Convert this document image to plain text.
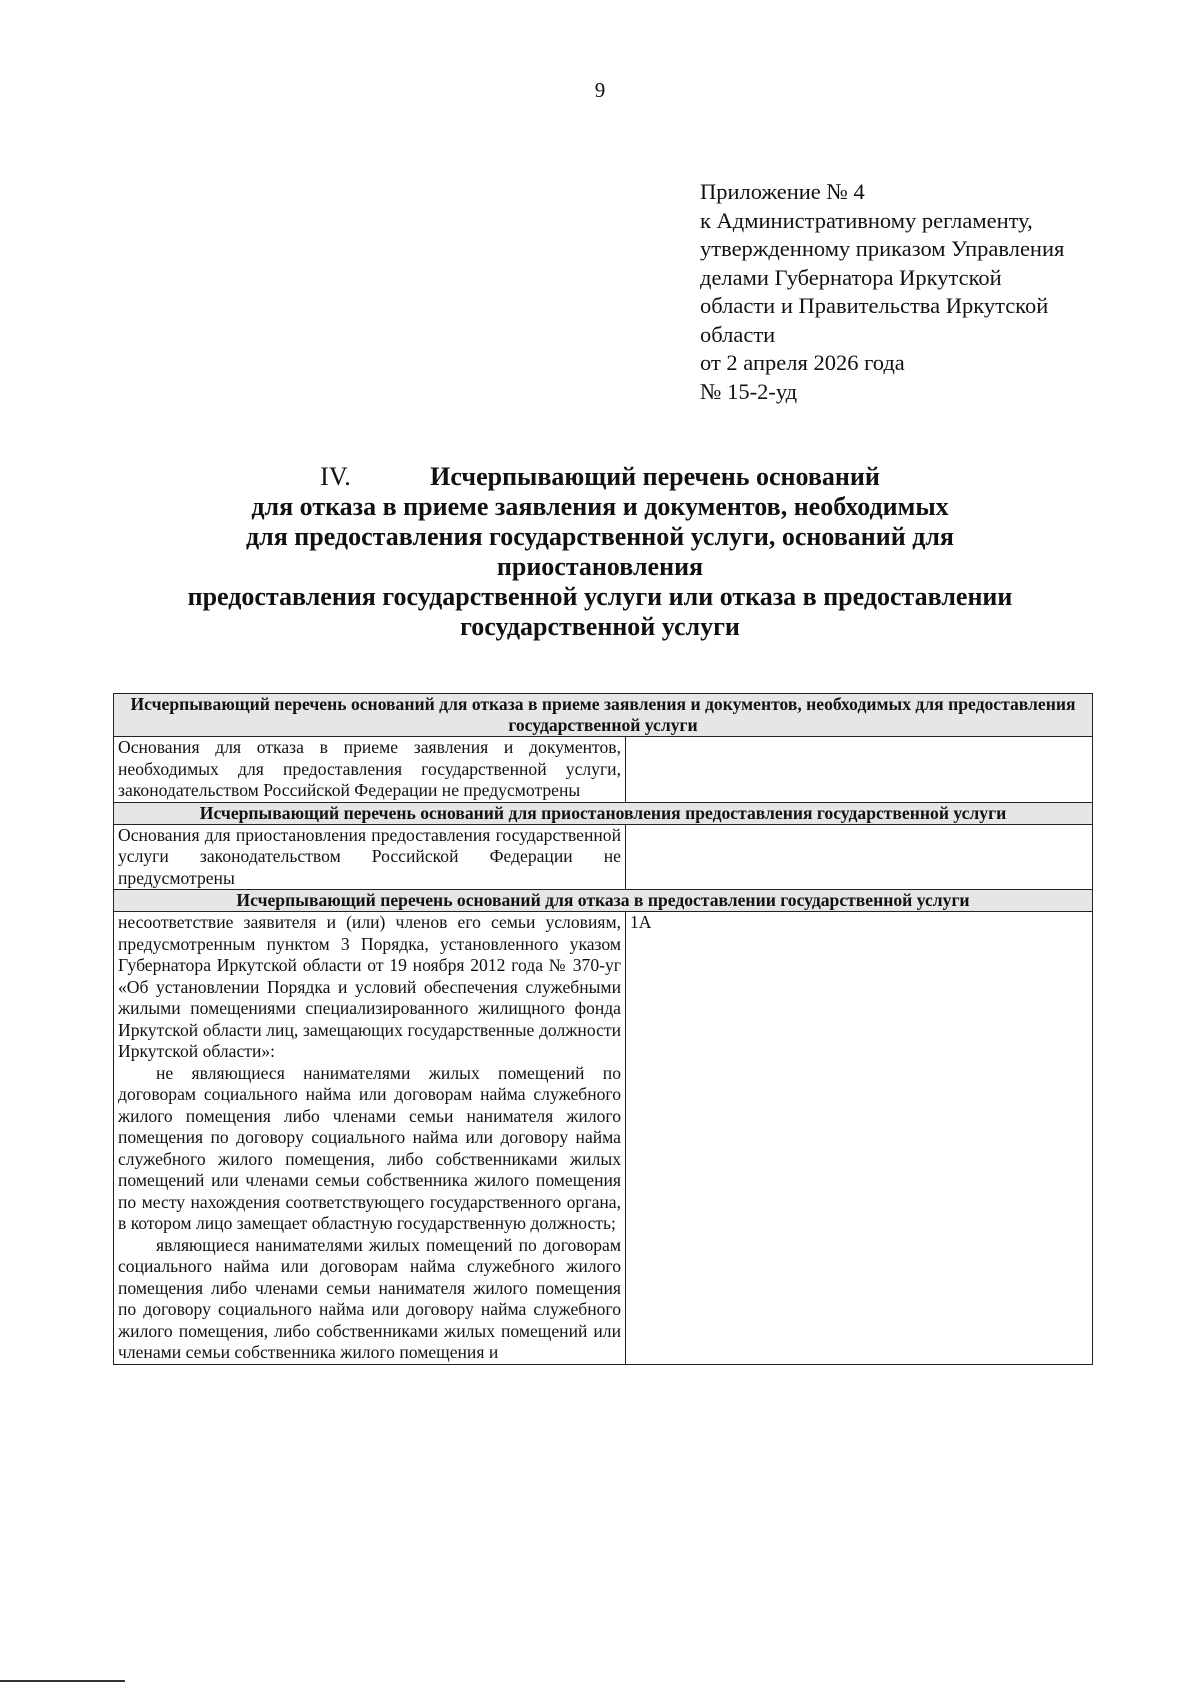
9
Приложение № 4
к Административному регламенту,
утвержденному приказом Управления
делами Губернатора Иркутской
области и Правительства Иркутской
области
от 2 апреля 2026 года
№ 15-2-уд
IV.	Исчерпывающий перечень оснований
для отказа в приеме заявления и документов, необходимых
для предоставления государственной услуги, оснований для
приостановления
предоставления государственной услуги или отказа в предоставлении
государственной услуги
Исчерпывающий перечень оснований для отказа в приеме заявления и документов, необходимых для предоставления государственной услуги	
Основания для отказа в приеме заявления и документов, необходимых для предоставления государственной услуги, законодательством Российской Федерации не предусмотрены	
Исчерпывающий перечень оснований для приостановления предоставления государственной услуги	
Основания для приостановления предоставления государственной услуги законодательством Российской Федерации не предусмотрены	
Исчерпывающий перечень оснований для отказа в предоставлении государственной услуги	

несоответствие заявителя и (или) членов его семьи условиям, предусмотренным пунктом 3 Порядка, установленного указом Губернатора Иркутской области от 19 ноября 2012 года № 370-уг «Об установлении Порядка и условий обеспечения служебными жилыми помещениями специализированного жилищного фонда Иркутской области лиц, замещающих государственные должности Иркутской области»:
не являющиеся нанимателями жилых помещений по договорам социального найма или договорам найма служебного жилого помещения либо членами семьи нанимателя жилого помещения по договору социального найма или договору найма служебного жилого помещения, либо собственниками жилых помещений или членами семьи собственника жилого помещения по месту нахождения соответствующего государственного органа, в котором лицо замещает областную государственную должность;
являющиеся нанимателями жилых помещений по договорам социального найма или договорам найма служебного жилого помещения либо членами семьи нанимателя жилого помещения по договору социального найма или договору найма служебного жилого помещения, либо собственниками жилых помещений или членами семьи собственника жилого помещения и	1А
